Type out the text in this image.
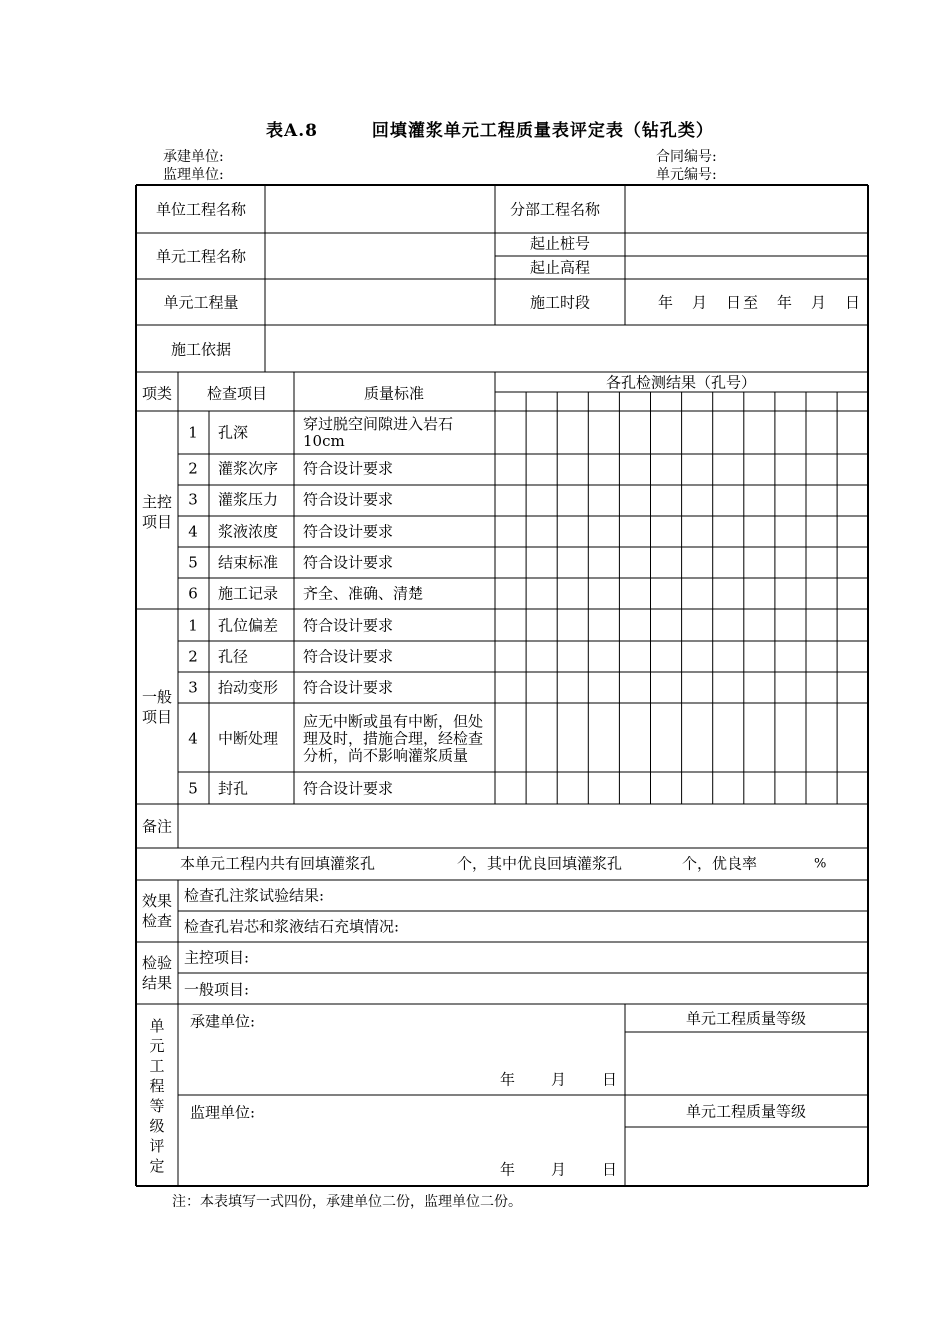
表A.8　　　回填灌浆单元工程质量表评定表（钻孔类）
承建单位:
监理单位:
合同编号:
单元编号:
单位工程名称	分部工程名称
单元工程名称
起止桩号
起止高程
单元工程量	施工时段	年　月　日至　年　月　日
施工依据
项类 检查项目	质量标准
各孔检测结果（孔号）
主控项目
1 孔深	穿过脱空间隙进入岩石10cm
2 灌浆次序 符合设计要求
3 灌浆压力 符合设计要求
4 浆液浓度 符合设计要求
5 结束标准 符合设计要求
6 施工记录 齐全、准确、清楚
一般项目
1 孔位偏差 符合设计要求
2 孔径	符合设计要求
3 抬动变形 符合设计要求
4 中断处理
应无中断或虽有中断，但处理及时，措施合理，经检查分析，尚不影响灌浆质量
5 封孔	符合设计要求
备注
本单元工程内共有回填灌浆孔	个，其中优良回填灌浆孔	个，优良率	%
效果检查
检查孔注浆试验结果:
检查孔岩芯和浆液结石充填情况:
检验结果
主控项目:
一般项目:
单元工程等级评定
承建单位:
年　　月　　日
监理单位:
年　　月　　日
单元工程质量等级
单元工程质量等级
注：本表填写一式四份，承建单位二份，监理单位二份。
